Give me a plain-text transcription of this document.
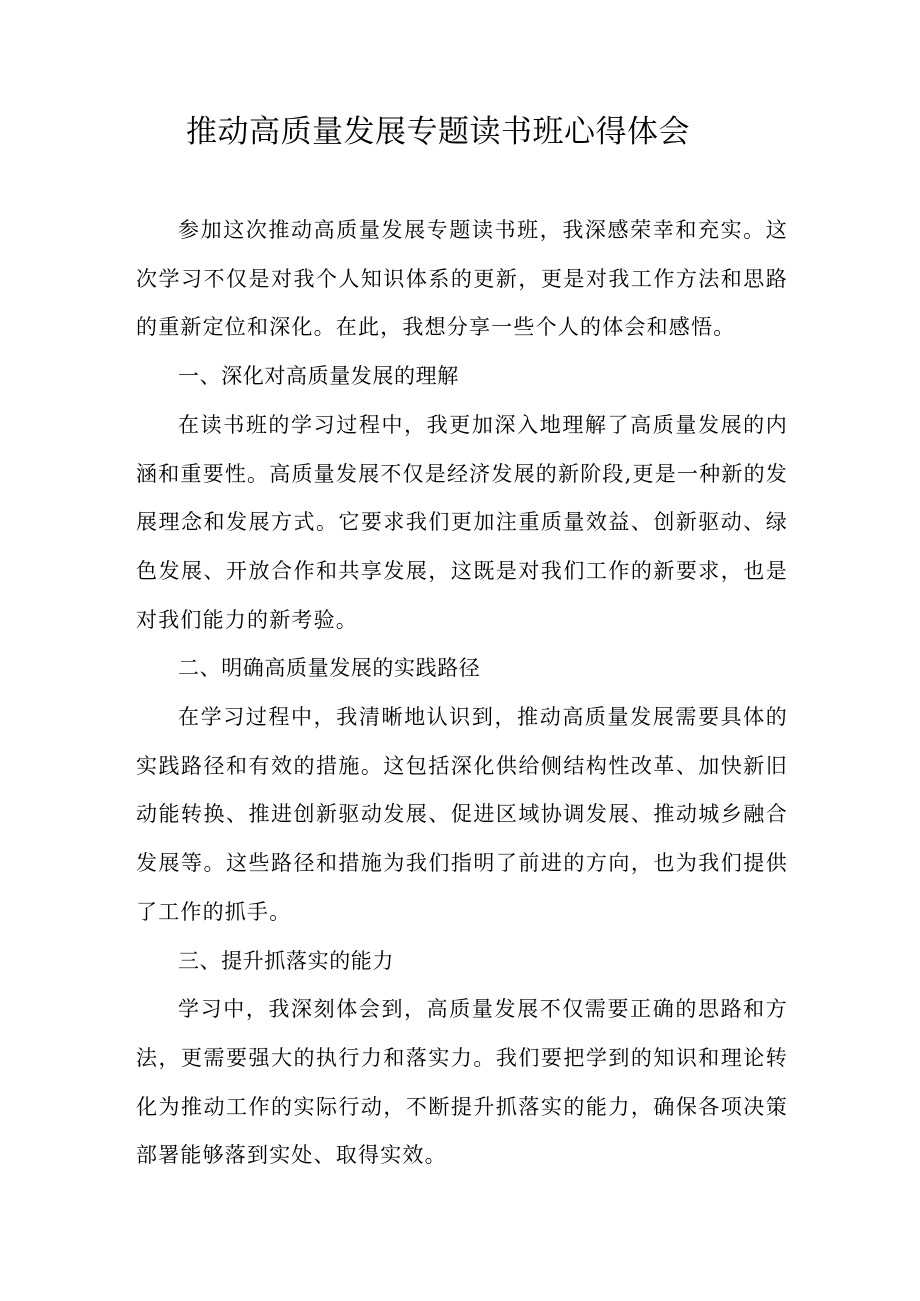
推动高质量发展专题读书班心得体会

参加这次推动高质量发展专题读书班，我深感荣幸和充实。这次学习不仅是对我个人知识体系的更新，更是对我工作方法和思路的重新定位和深化。在此，我想分享一些个人的体会和感悟。

一、深化对高质量发展的理解

在读书班的学习过程中，我更加深入地理解了高质量发展的内涵和重要性。高质量发展不仅是经济发展的新阶段,更是一种新的发展理念和发展方式。它要求我们更加注重质量效益、创新驱动、绿色发展、开放合作和共享发展，这既是对我们工作的新要求，也是对我们能力的新考验。

二、明确高质量发展的实践路径

在学习过程中，我清晰地认识到，推动高质量发展需要具体的实践路径和有效的措施。这包括深化供给侧结构性改革、加快新旧动能转换、推进创新驱动发展、促进区域协调发展、推动城乡融合发展等。这些路径和措施为我们指明了前进的方向，也为我们提供了工作的抓手。

三、提升抓落实的能力

学习中，我深刻体会到，高质量发展不仅需要正确的思路和方法，更需要强大的执行力和落实力。我们要把学到的知识和理论转化为推动工作的实际行动，不断提升抓落实的能力，确保各项决策部署能够落到实处、取得实效。
